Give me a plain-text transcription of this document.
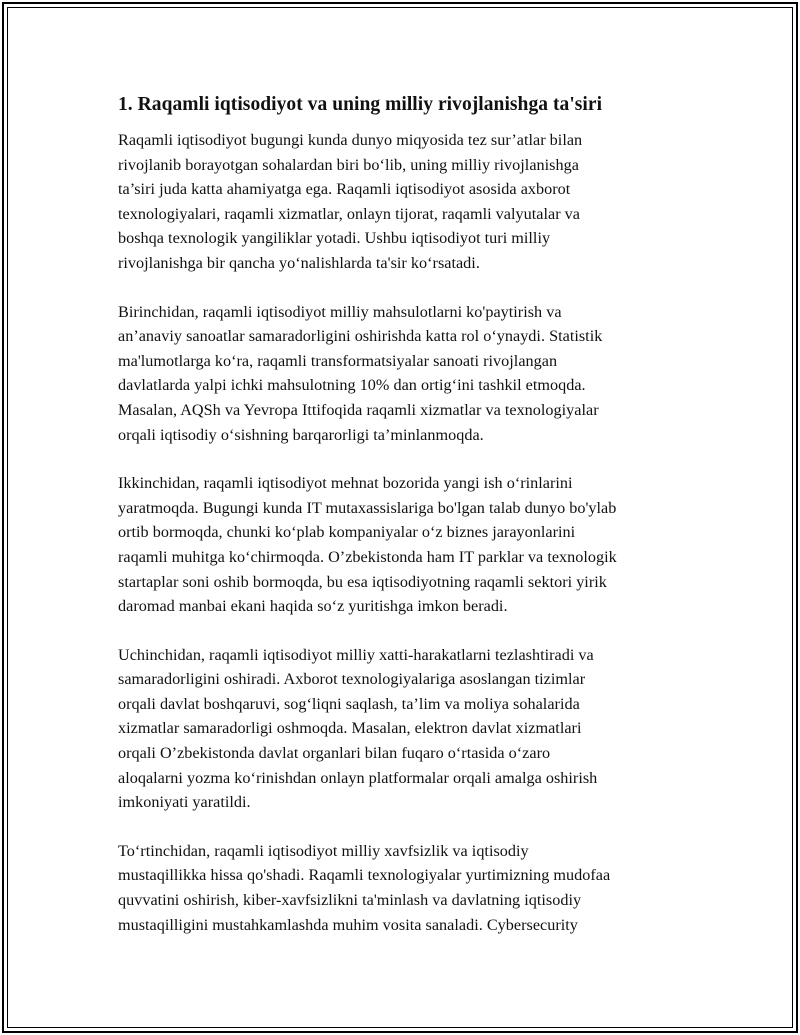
1. Raqamli iqtisodiyot va uning milliy rivojlanishga ta'siri

Raqamli iqtisodiyot bugungi kunda dunyo miqyosida tez sur’atlar bilan
rivojlanib borayotgan sohalardan biri bo‘lib, uning milliy rivojlanishga
ta’siri juda katta ahamiyatga ega. Raqamli iqtisodiyot asosida axborot
texnologiyalari, raqamli xizmatlar, onlayn tijorat, raqamli valyutalar va
boshqa texnologik yangiliklar yotadi. Ushbu iqtisodiyot turi milliy
rivojlanishga bir qancha yo‘nalishlarda ta'sir ko‘rsatadi.

Birinchidan, raqamli iqtisodiyot milliy mahsulotlarni ko'paytirish va
an’anaviy sanoatlar samaradorligini oshirishda katta rol o‘ynaydi. Statistik
ma'lumotlarga ko‘ra, raqamli transformatsiyalar sanoati rivojlangan
davlatlarda yalpi ichki mahsulotning 10% dan ortig‘ini tashkil etmoqda.
Masalan, AQSh va Yevropa Ittifoqida raqamli xizmatlar va texnologiyalar
orqali iqtisodiy o‘sishning barqarorligi ta’minlanmoqda.

Ikkinchidan, raqamli iqtisodiyot mehnat bozorida yangi ish o‘rinlarini
yaratmoqda. Bugungi kunda IT mutaxassislariga bo'lgan talab dunyo bo'ylab
ortib bormoqda, chunki ko‘plab kompaniyalar o‘z biznes jarayonlarini
raqamli muhitga ko‘chirmoqda. O’zbekistonda ham IT parklar va texnologik
startaplar soni oshib bormoqda, bu esa iqtisodiyotning raqamli sektori yirik
daromad manbai ekani haqida so‘z yuritishga imkon beradi.

Uchinchidan, raqamli iqtisodiyot milliy xatti-harakatlarni tezlashtiradi va
samaradorligini oshiradi. Axborot texnologiyalariga asoslangan tizimlar
orqali davlat boshqaruvi, sog‘liqni saqlash, ta’lim va moliya sohalarida
xizmatlar samaradorligi oshmoqda. Masalan, elektron davlat xizmatlari
orqali O’zbekistonda davlat organlari bilan fuqaro o‘rtasida o‘zaro
aloqalarni yozma ko‘rinishdan onlayn platformalar orqali amalga oshirish
imkoniyati yaratildi.

To‘rtinchidan, raqamli iqtisodiyot milliy xavfsizlik va iqtisodiy
mustaqillikka hissa qo'shadi. Raqamli texnologiyalar yurtimizning mudofaa
quvvatini oshirish, kiber-xavfsizlikni ta'minlash va davlatning iqtisodiy
mustaqilligini mustahkamlashda muhim vosita sanaladi. Cybersecurity
